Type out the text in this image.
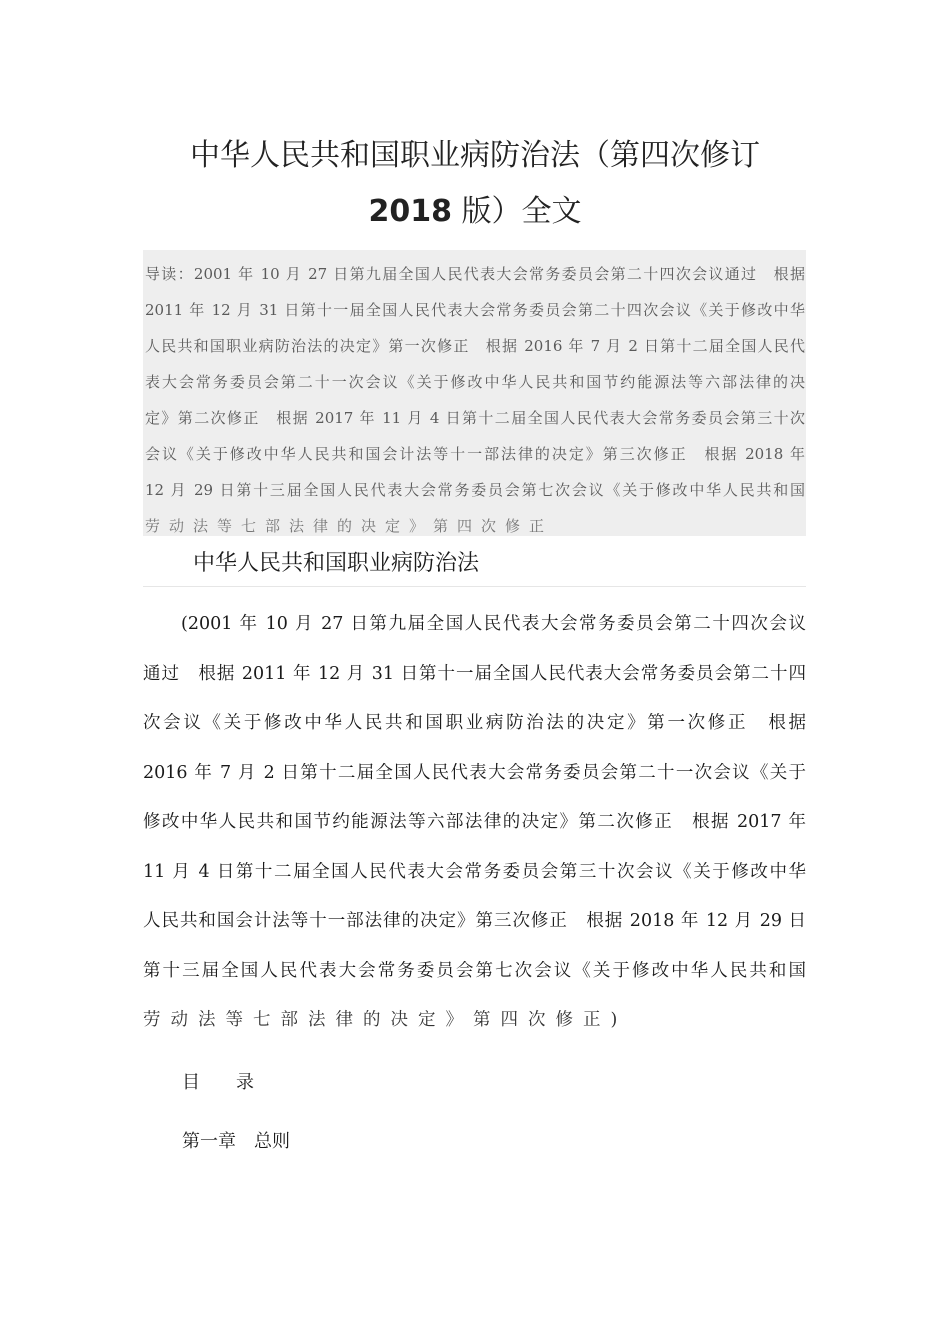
中华人民共和国职业病防治法（第四次修订
2018 版）全文
导读：2001 年 10 月 27 日第九届全国人民代表大会常务委员会第二十四次会议通过　根据
2011 年 12 月 31 日第十一届全国人民代表大会常务委员会第二十四次会议《关于修改中华
人民共和国职业病防治法的决定》第一次修正　根据 2016 年 7 月 2 日第十二届全国人民代
表大会常务委员会第二十一次会议《关于修改中华人民共和国节约能源法等六部法律的决
定》第二次修正　根据 2017 年 11 月 4 日第十二届全国人民代表大会常务委员会第三十次
会议《关于修改中华人民共和国会计法等十一部法律的决定》第三次修正　根据 2018 年
12 月 29 日第十三届全国人民代表大会常务委员会第七次会议《关于修改中华人民共和国
劳动法等七部法律的决定》第四次修正
中华人民共和国职业病防治法
(2001 年 10 月 27 日第九届全国人民代表大会常务委员会第二十四次会议
通过　根据 2011 年 12 月 31 日第十一届全国人民代表大会常务委员会第二十四
次会议《关于修改中华人民共和国职业病防治法的决定》第一次修正　根据
2016 年 7 月 2 日第十二届全国人民代表大会常务委员会第二十一次会议《关于
修改中华人民共和国节约能源法等六部法律的决定》第二次修正　根据 2017 年
11 月 4 日第十二届全国人民代表大会常务委员会第三十次会议《关于修改中华
人民共和国会计法等十一部法律的决定》第三次修正　根据 2018 年 12 月 29 日
第十三届全国人民代表大会常务委员会第七次会议《关于修改中华人民共和国
劳动法等七部法律的决定》第四次修正)
目　　录
第一章　总则
